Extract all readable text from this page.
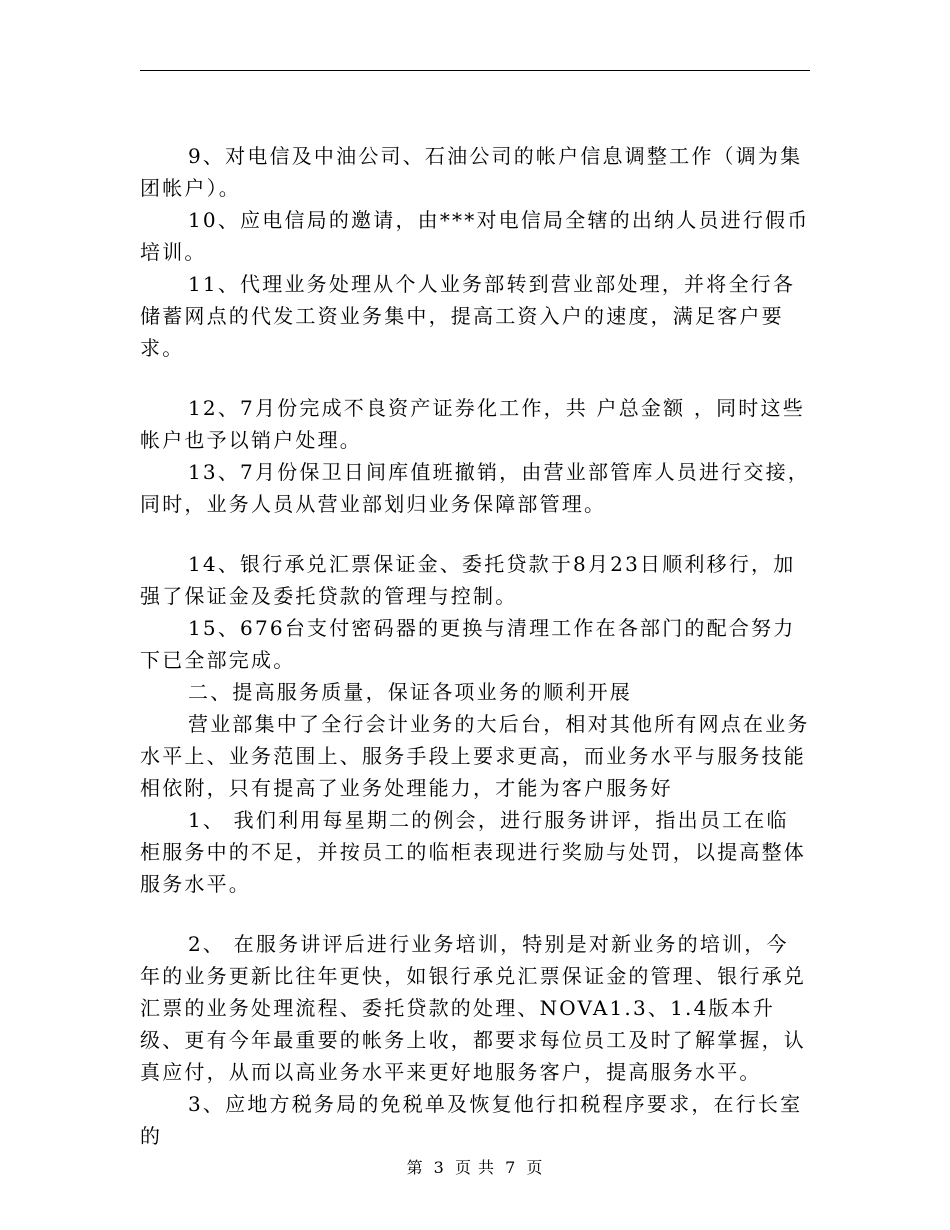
9、对电信及中油公司、石油公司的帐户信息调整工作（调为集团帐户）。

10、应电信局的邀请，由***对电信局全辖的出纳人员进行假币培训。

11、代理业务处理从个人业务部转到营业部处理，并将全行各储蓄网点的代发工资业务集中，提高工资入户的速度，满足客户要求。

12、7月份完成不良资产证券化工作，共 户总金额 ，同时这些帐户也予以销户处理。

13、7月份保卫日间库值班撤销，由营业部管库人员进行交接，同时，业务人员从营业部划归业务保障部管理。

14、银行承兑汇票保证金、委托贷款于8月23日顺利移行，加强了保证金及委托贷款的管理与控制。

15、676台支付密码器的更换与清理工作在各部门的配合努力下已全部完成。

二、提高服务质量，保证各项业务的顺利开展

营业部集中了全行会计业务的大后台，相对其他所有网点在业务水平上、业务范围上、服务手段上要求更高，而业务水平与服务技能相依附，只有提高了业务处理能力，才能为客户服务好

1、 我们利用每星期二的例会，进行服务讲评，指出员工在临柜服务中的不足，并按员工的临柜表现进行奖励与处罚，以提高整体服务水平。

2、 在服务讲评后进行业务培训，特别是对新业务的培训，今年的业务更新比往年更快，如银行承兑汇票保证金的管理、银行承兑汇票的业务处理流程、委托贷款的处理、NOVA1.3、1.4版本升级、更有今年最重要的帐务上收，都要求每位员工及时了解掌握，认真应付，从而以高业务水平来更好地服务客户，提高服务水平。

3、应地方税务局的免税单及恢复他行扣税程序要求，在行长室的

第 3 页 共 7 页
